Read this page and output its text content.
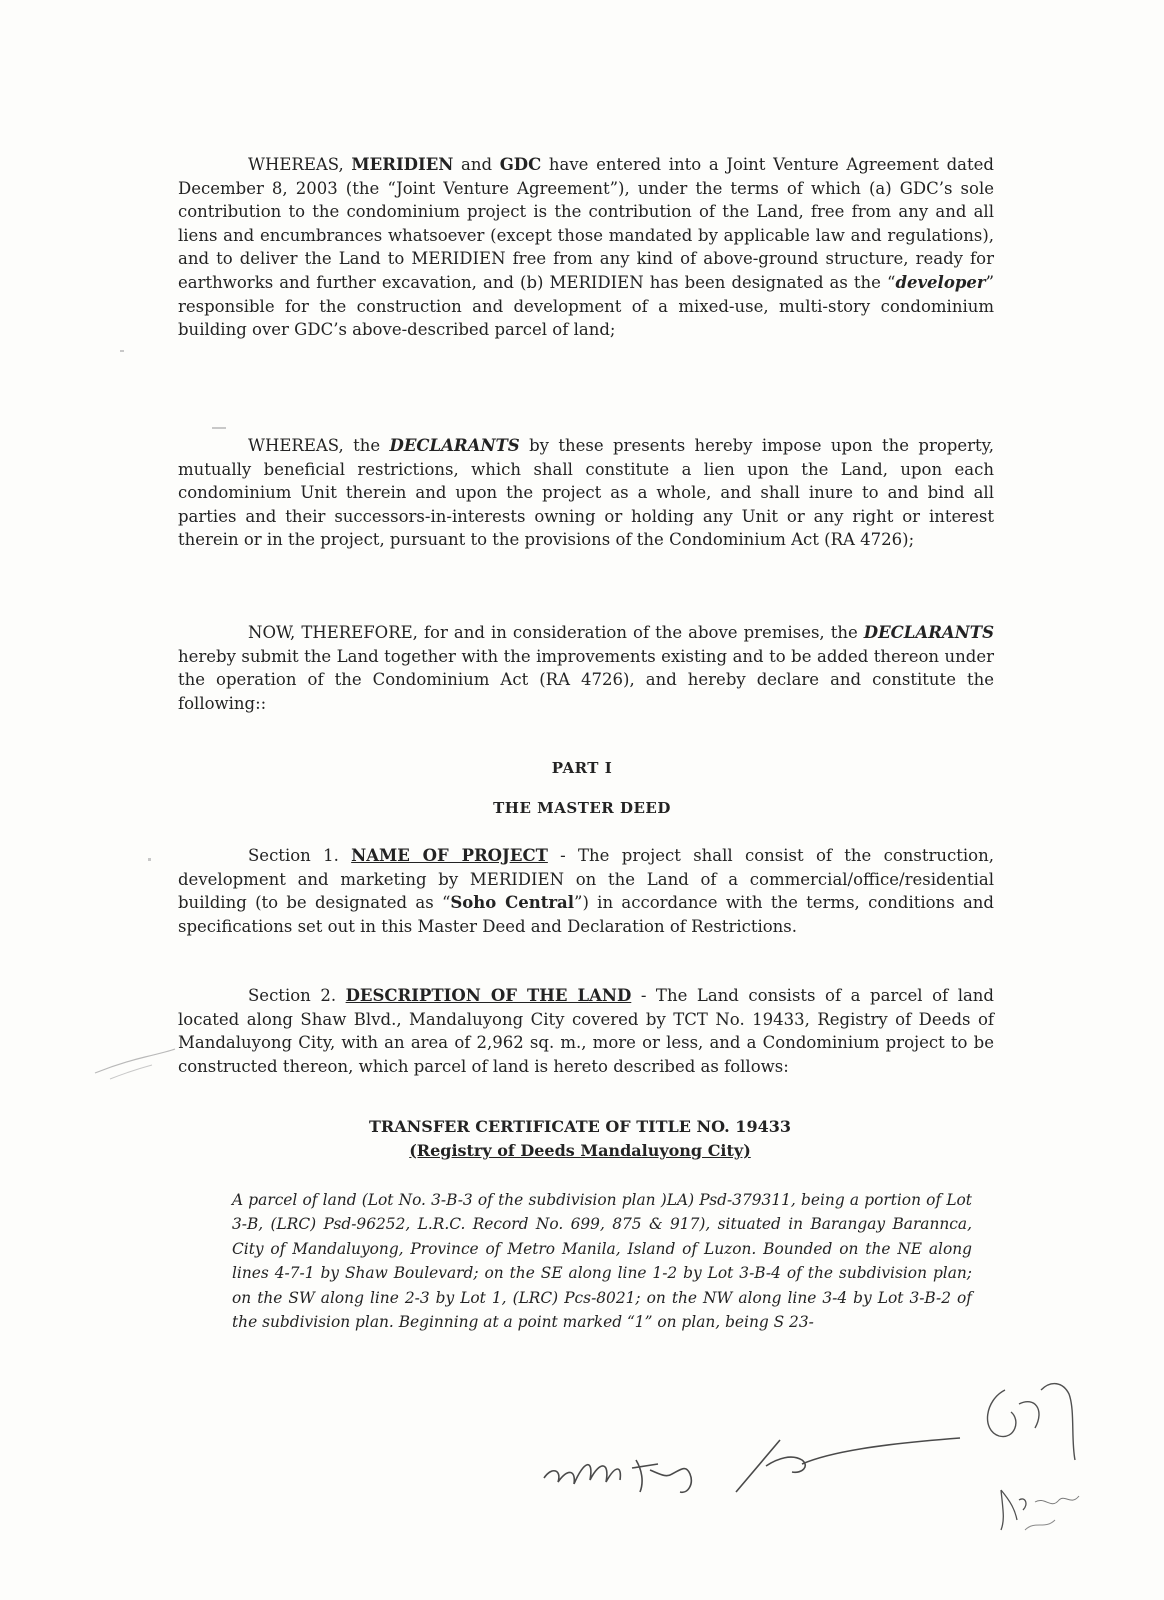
WHEREAS, MERIDIEN and GDC have entered into a Joint Venture Agreement dated December 8, 2003 (the “Joint Venture Agreement”), under the terms of which (a) GDC’s sole contribution to the condominium project is the contribution of the Land, free from any and all liens and encumbrances whatsoever (except those mandated by applicable law and regulations), and to deliver the Land to MERIDIEN free from any kind of above-ground structure, ready for earthworks and further excavation, and (b) MERIDIEN has been designated as the “developer” responsible for the construction and development of a mixed-use, multi-story condominium building over GDC’s above-described parcel of land;

WHEREAS, the DECLARANTS by these presents hereby impose upon the property, mutually beneficial restrictions, which shall constitute a lien upon the Land, upon each condominium Unit therein and upon the project as a whole, and shall inure to and bind all parties and their successors-in-interests owning or holding any Unit or any right or interest therein or in the project, pursuant to the provisions of the Condominium Act (RA 4726);

NOW, THEREFORE, for and in consideration of the above premises, the DECLARANTS hereby submit the Land together with the improvements existing and to be added thereon under the operation of the Condominium Act (RA 4726), and hereby declare and constitute the following::

PART I
THE MASTER DEED

Section 1. NAME OF PROJECT - The project shall consist of the construction, development and marketing by MERIDIEN on the Land of a commercial/office/residential building (to be designated as “Soho Central”) in accordance with the terms, conditions and specifications set out in this Master Deed and Declaration of Restrictions.

Section 2. DESCRIPTION OF THE LAND - The Land consists of a parcel of land located along Shaw Blvd., Mandaluyong City covered by TCT No. 19433, Registry of Deeds of Mandaluyong City, with an area of 2,962 sq. m., more or less, and a Condominium project to be constructed thereon, which parcel of land is hereto described as follows:

TRANSFER CERTIFICATE OF TITLE NO. 19433
(Registry of Deeds Mandaluyong City)

A parcel of land (Lot No. 3-B-3 of the subdivision plan )LA) Psd-379311, being a portion of Lot 3-B, (LRC) Psd-96252, L.R.C. Record No. 699, 875 & 917), situated in Barangay Barannca, City of Mandaluyong, Province of Metro Manila, Island of Luzon. Bounded on the NE along lines 4-7-1 by Shaw Boulevard; on the SE along line 1-2 by Lot 3-B-4 of the subdivision plan; on the SW along line 2-3 by Lot 1, (LRC) Pcs-8021; on the NW along line 3-4 by Lot 3-B-2 of the subdivision plan. Beginning at a point marked “1” on plan, being S 23-
